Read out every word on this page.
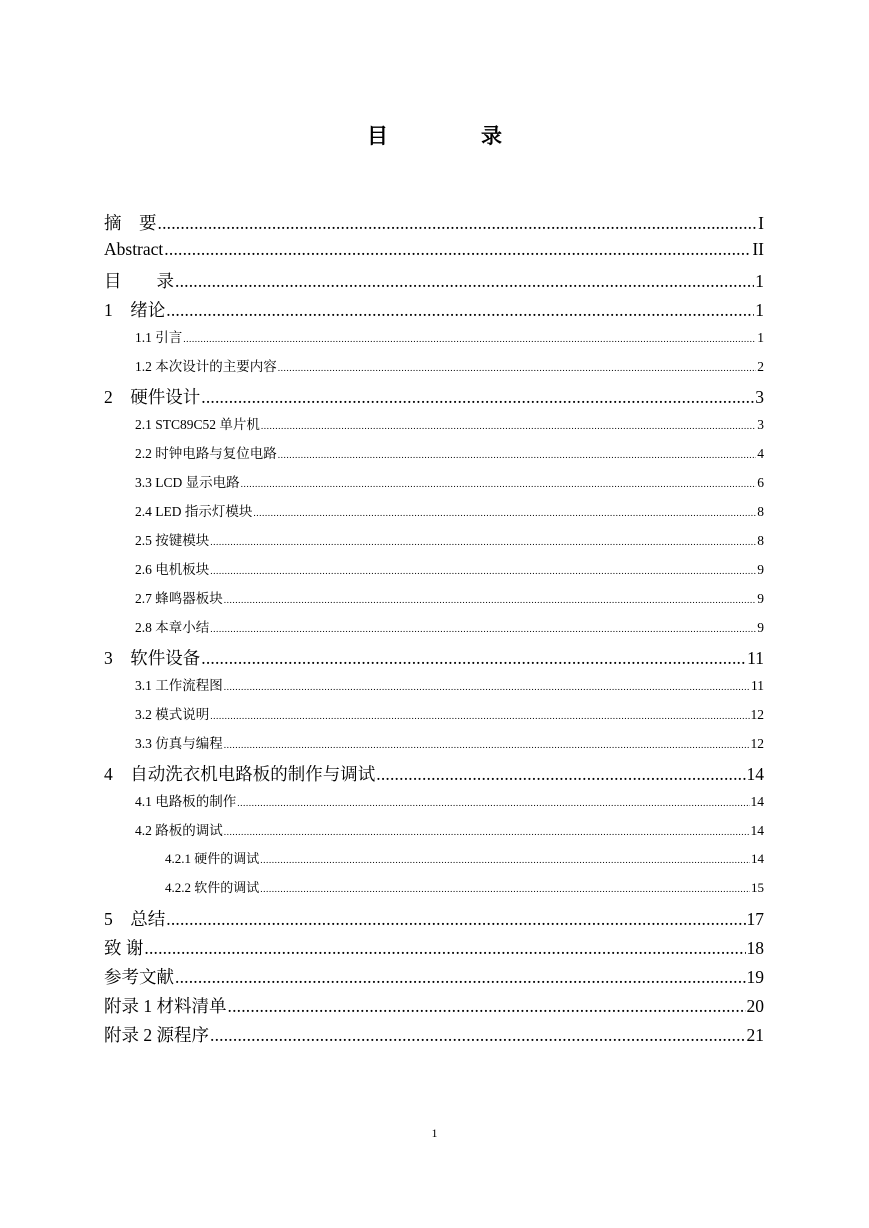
目　录
摘　要 .....	I
Abstract .....	II
目　　录 .....	1
1　绪论 .....	1
1.1 引言 .....	1
1.2 本次设计的主要内容 .....	2
2　硬件设计 .....	3
2.1 STC89C52 单片机 .....	3
2.2 时钟电路与复位电路 .....	4
3.3 LCD 显示电路 .....	6
2.4 LED 指示灯模块 .....	8
2.5 按键模块 .....	8
2.6 电机板块 .....	9
2.7 蜂鸣器板块 .....	9
2.8 本章小结 .....	9
3　软件设备 .....	11
3.1 工作流程图 .....	11
3.2 模式说明 .....	12
3.3 仿真与编程 .....	12
4　自动洗衣机电路板的制作与调试 .....	14
4.1 电路板的制作 .....	14
4.2 路板的调试 .....	14
4.2.1 硬件的调试 .....	14
4.2.2 软件的调试 .....	15
5　总结 .....	17
致 谢 .....	18
参考文献 .....	19
附录 1 材料清单 .....	20
附录 2 源程序 .....	21
1
